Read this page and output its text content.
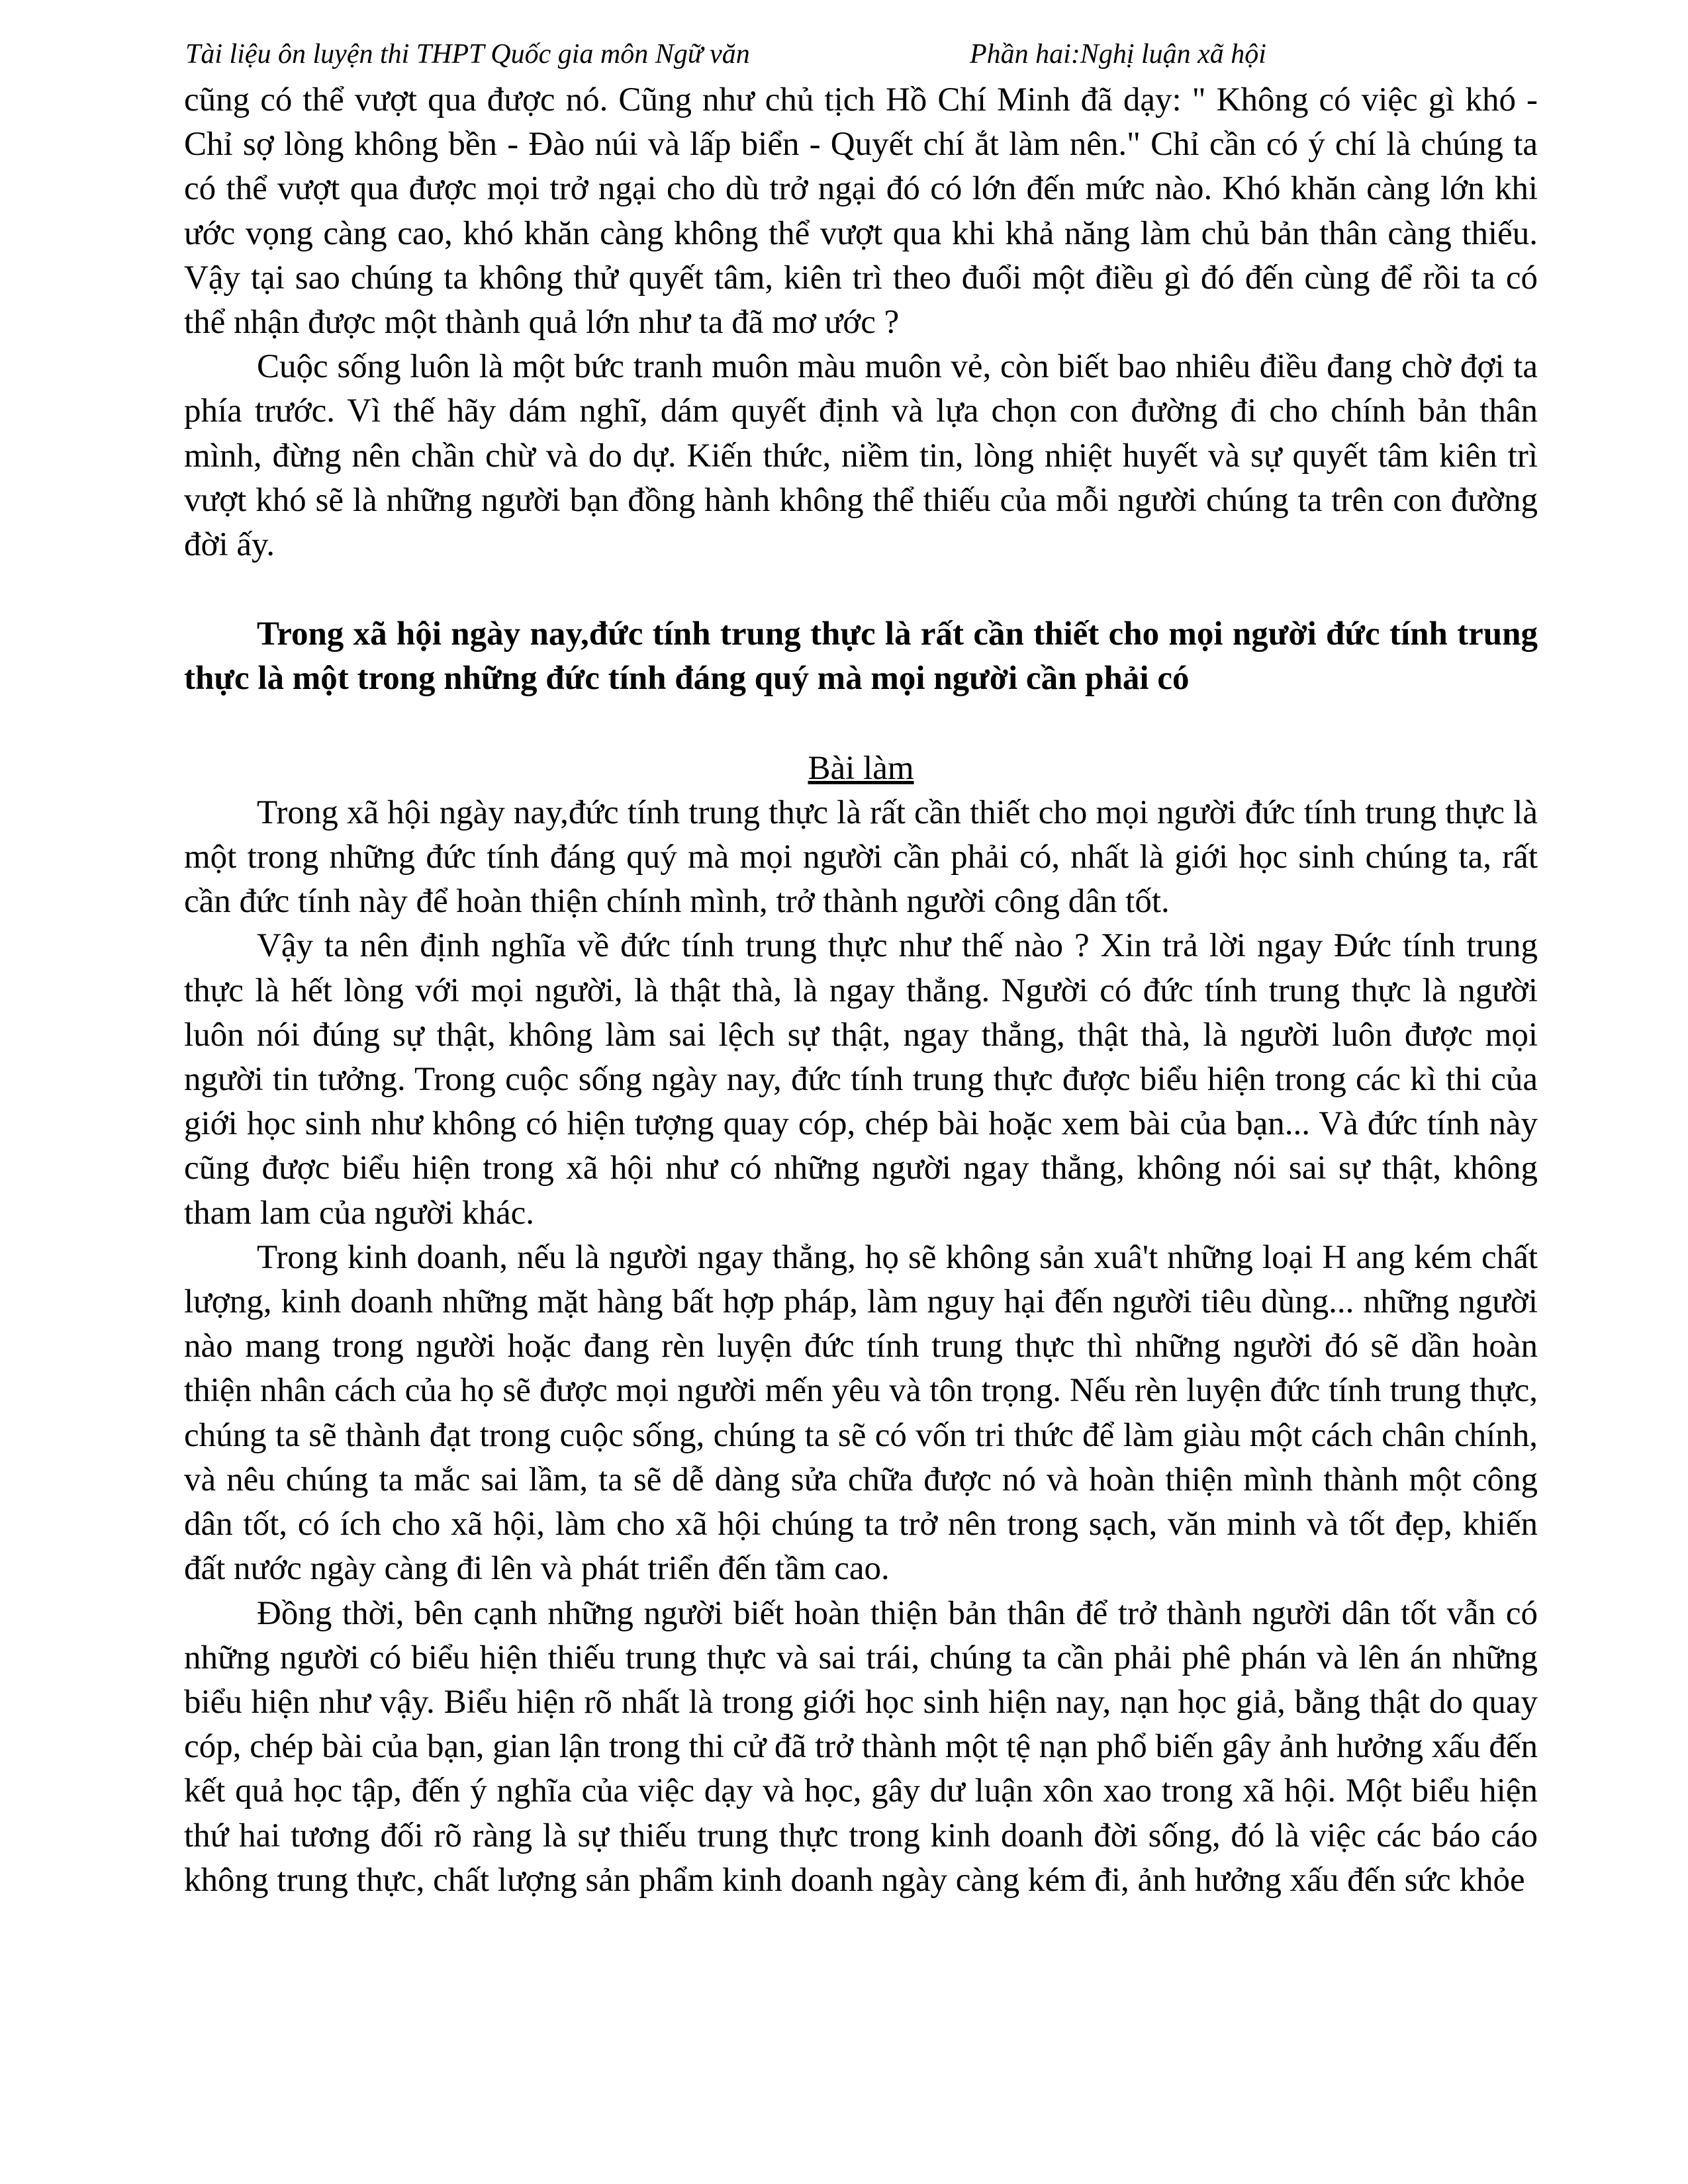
Tài liệu ôn luyện thi THPT Quốc gia môn Ngữ văn	Phần hai:Nghị luận xã hội

cũng có thể vượt qua được nó. Cũng như chủ tịch Hồ Chí Minh đã dạy: " Không có việc gì khó - Chỉ sợ lòng không bền - Đào núi và lấp biển - Quyết chí ắt làm nên." Chỉ cần có ý chí là chúng ta có thể vượt qua được mọi trở ngại cho dù trở ngại đó có lớn đến mức nào. Khó khăn càng lớn khi ước vọng càng cao, khó khăn càng không thể vượt qua khi khả năng làm chủ bản thân càng thiếu. Vậy tại sao chúng ta không thử quyết tâm, kiên trì theo đuổi một điều gì đó đến cùng để rồi ta có thể nhận được một thành quả lớn như ta đã mơ ước ?

Cuộc sống luôn là một bức tranh muôn màu muôn vẻ, còn biết bao nhiêu điều đang chờ đợi ta phía trước. Vì thế hãy dám nghĩ, dám quyết định và lựa chọn con đường đi cho chính bản thân mình, đừng nên chần chừ và do dự. Kiến thức, niềm tin, lòng nhiệt huyết và sự quyết tâm kiên trì vượt khó sẽ là những người bạn đồng hành không thể thiếu của mỗi người chúng ta trên con đường đời ấy.

Trong xã hội ngày nay,đức tính trung thực là rất cần thiết cho mọi người đức tính trung thực là một trong những đức tính đáng quý mà mọi người cần phải có

Bài làm

Trong xã hội ngày nay,đức tính trung thực là rất cần thiết cho mọi người đức tính trung thực là một trong những đức tính đáng quý mà mọi người cần phải có, nhất là giới học sinh chúng ta, rất cần đức tính này để hoàn thiện chính mình, trở thành người công dân tốt.

Vậy ta nên định nghĩa về đức tính trung thực như thế nào ? Xin trả lời ngay Đức tính trung thực là hết lòng với mọi người, là thật thà, là ngay thẳng. Người có đức tính trung thực là người luôn nói đúng sự thật, không làm sai lệch sự thật, ngay thẳng, thật thà, là người luôn được mọi người tin tưởng. Trong cuộc sống ngày nay, đức tính trung thực được biểu hiện trong các kì thi của giới học sinh như không có hiện tượng quay cóp, chép bài hoặc xem bài của bạn... Và đức tính này cũng được biểu hiện trong xã hội như có những người ngay thẳng, không nói sai sự thật, không tham lam của người khác.

Trong kinh doanh, nếu là người ngay thẳng, họ sẽ không sản xuâ't những loại H ang kém chất lượng, kinh doanh những mặt hàng bất hợp pháp, làm nguy hại đến người tiêu dùng... những người nào mang trong người hoặc đang rèn luyện đức tính trung thực thì những người đó sẽ dần hoàn thiện nhân cách của họ sẽ được mọi người mến yêu và tôn trọng. Nếu rèn luyện đức tính trung thực, chúng ta sẽ thành đạt trong cuộc sống, chúng ta sẽ có vốn tri thức để làm giàu một cách chân chính, và nêu chúng ta mắc sai lầm, ta sẽ dễ dàng sửa chữa được nó và hoàn thiện mình thành một công dân tốt, có ích cho xã hội, làm cho xã hội chúng ta trở nên trong sạch, văn minh và tốt đẹp, khiến đất nước ngày càng đi lên và phát triển đến tầm cao.

Đồng thời, bên cạnh những người biết hoàn thiện bản thân để trở thành người dân tốt vẫn có những người có biểu hiện thiếu trung thực và sai trái, chúng ta cần phải phê phán và lên án những biểu hiện như vậy. Biểu hiện rõ nhất là trong giới học sinh hiện nay, nạn học giả, bằng thật do quay cóp, chép bài của bạn, gian lận trong thi cử đã trở thành một tệ nạn phổ biến gây ảnh hưởng xấu đến kết quả học tập, đến ý nghĩa của việc dạy và học, gây dư luận xôn xao trong xã hội. Một biểu hiện thứ hai tương đối rõ ràng là sự thiếu trung thực trong kinh doanh đời sống, đó là việc các báo cáo không trung thực, chất lượng sản phẩm kinh doanh ngày càng kém đi, ảnh hưởng xấu đến sức khỏe
